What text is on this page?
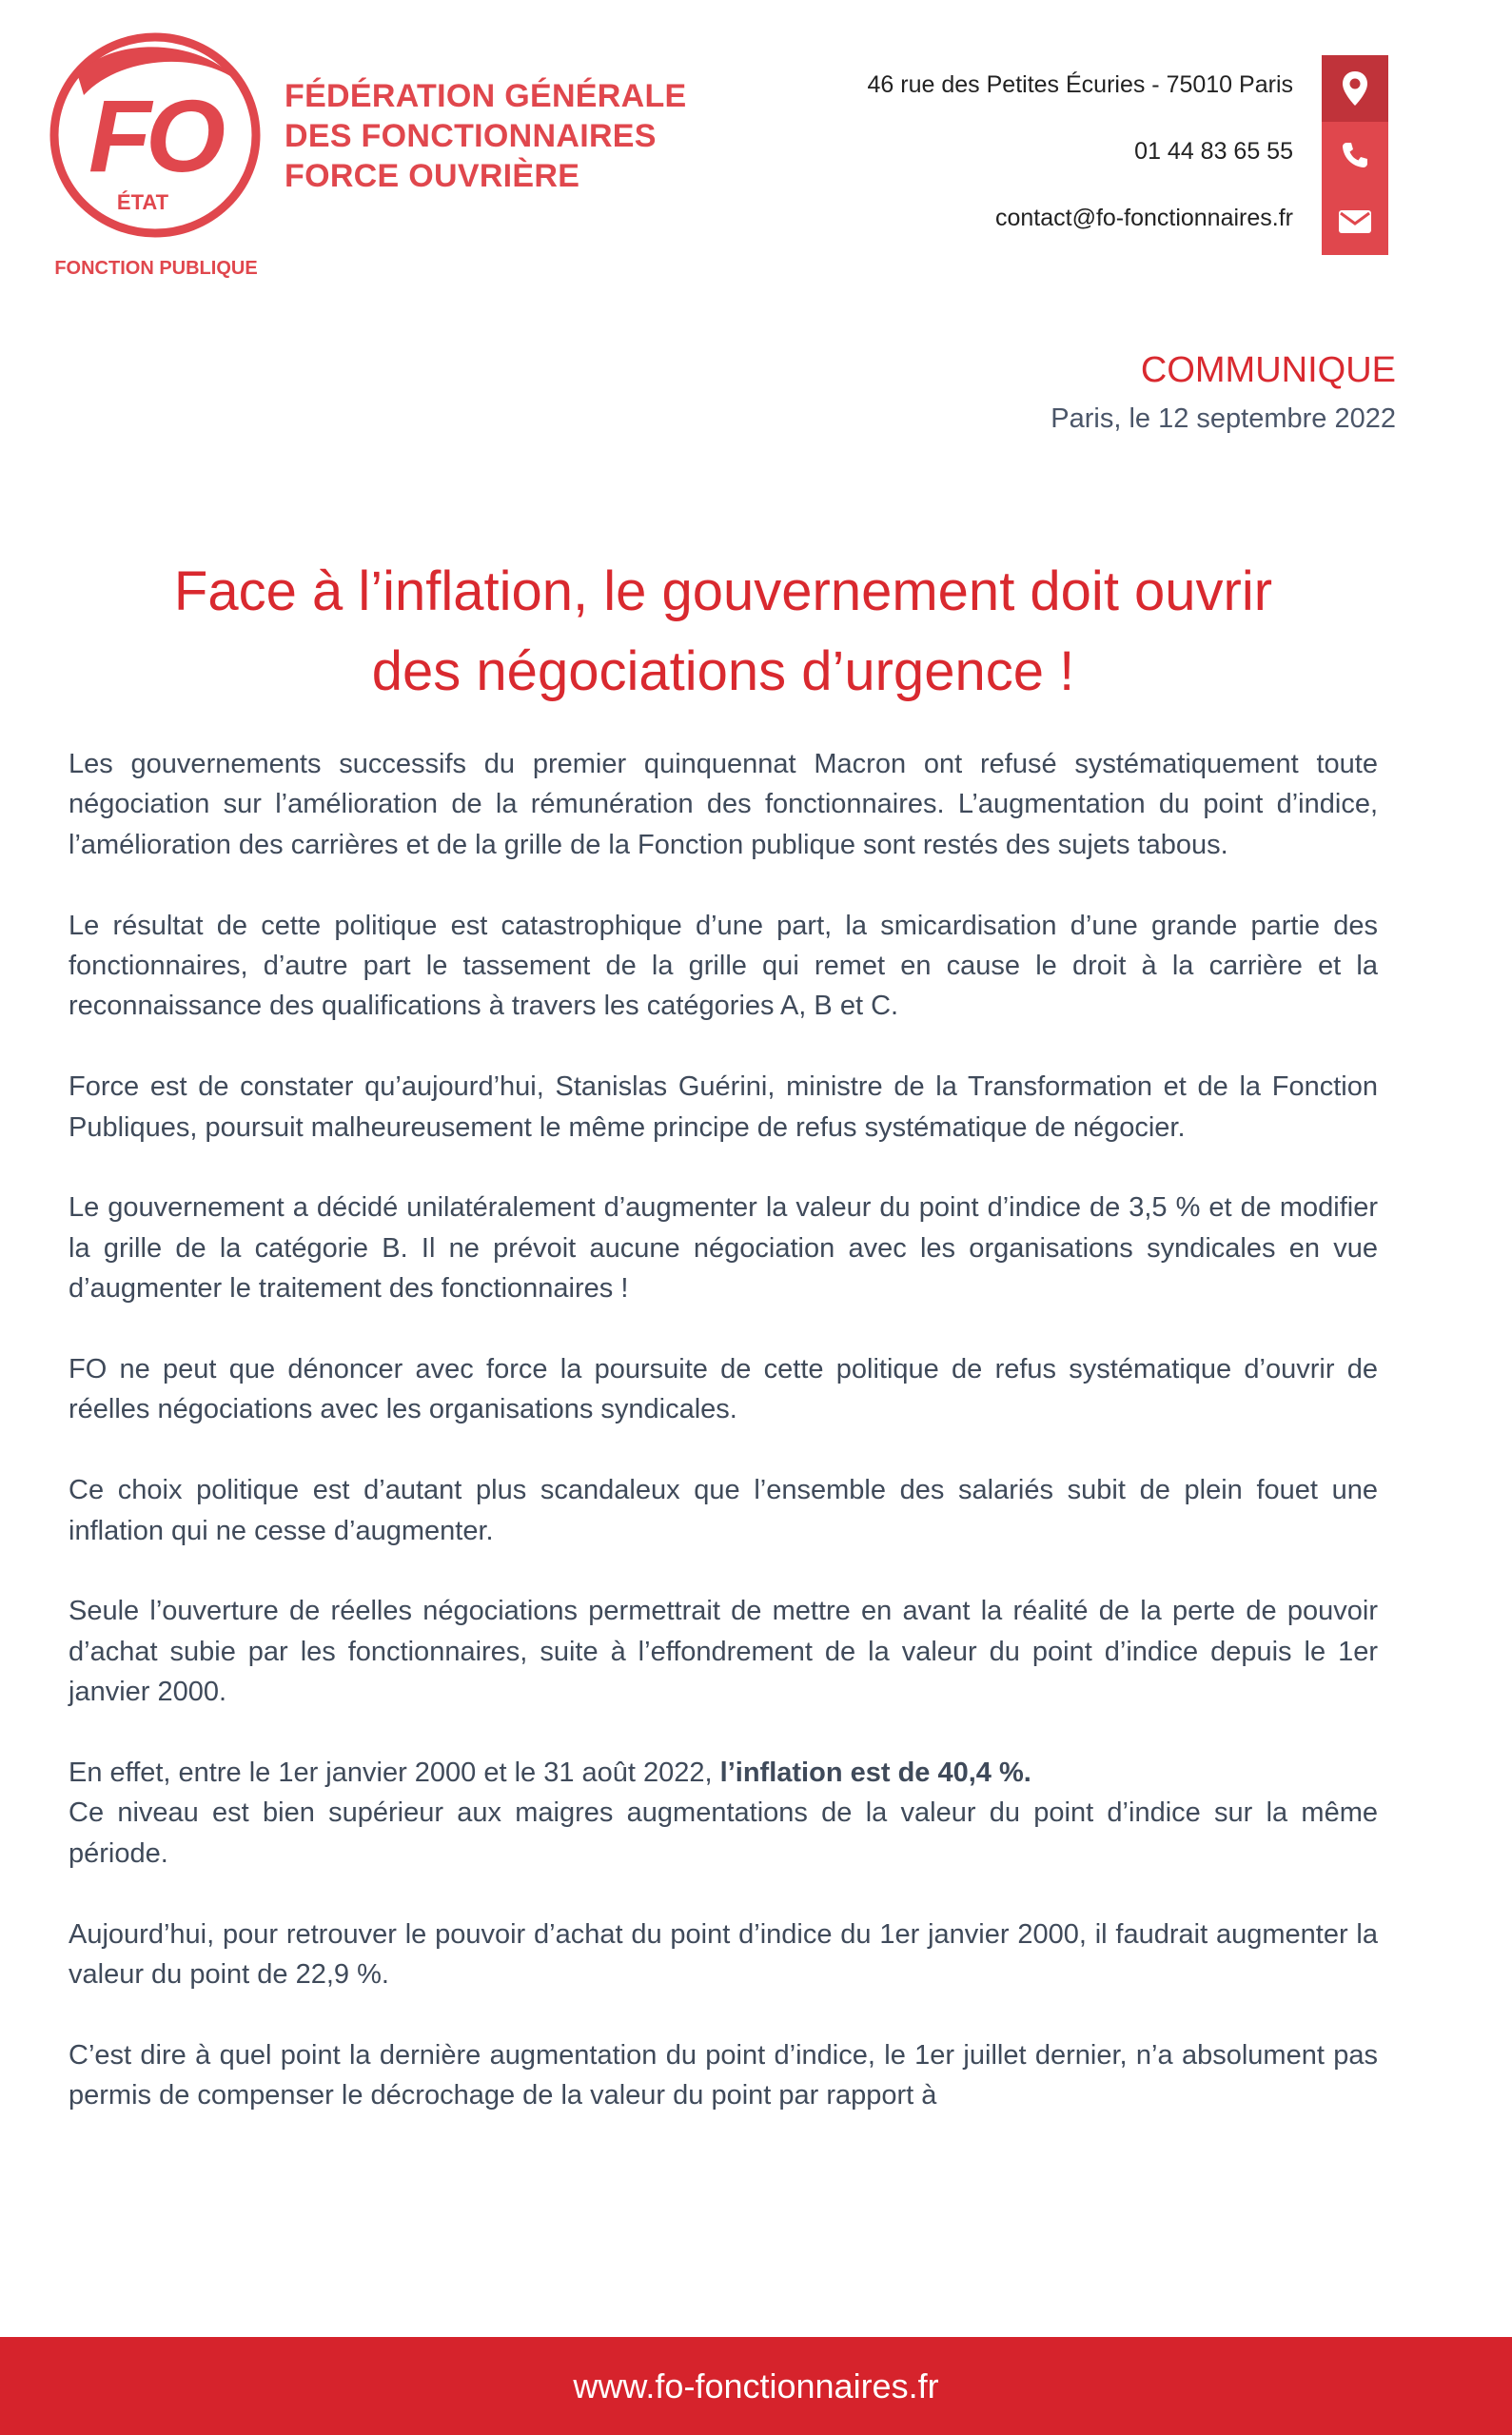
FO
ÉTAT
FONCTION PUBLIQUE
FÉDÉRATION GÉNÉRALE
DES FONCTIONNAIRES
FORCE OUVRIÈRE
46 rue des Petites Écuries - 75010 Paris
01 44 83 65 55
contact@fo-fonctionnaires.fr
COMMUNIQUE
Paris, le 12 septembre 2022
Face à l’inflation, le gouvernement doit ouvrir
des négociations d’urgence !

Les gouvernements successifs du premier quinquennat Macron ont refusé systématiquement toute négociation sur l’amélioration de la rémunération des fonctionnaires. L’augmentation du point d’indice, l’amélioration des carrières et de la grille de la Fonction publique sont restés des sujets tabous.

Le résultat de cette politique est catastrophique d’une part, la smicardisation d’une grande partie des fonctionnaires, d’autre part le tassement de la grille qui remet en cause le droit à la carrière et la reconnaissance des qualifications à travers les catégories A, B et C.

Force est de constater qu’aujourd’hui, Stanislas Guérini, ministre de la Transformation et de la Fonction Publiques, poursuit malheureusement le même principe de refus systématique de négocier.

Le gouvernement a décidé unilatéralement d’augmenter la valeur du point d’indice de 3,5 % et de modifier la grille de la catégorie B. Il ne prévoit aucune négociation avec les organisations syndicales en vue d’augmenter le traitement des fonctionnaires !

FO ne peut que dénoncer avec force la poursuite de cette politique de refus systématique d’ouvrir de réelles négociations avec les organisations syndicales.

Ce choix politique est d’autant plus scandaleux que l’ensemble des salariés subit de plein fouet une inflation qui ne cesse d’augmenter.

Seule l’ouverture de réelles négociations permettrait de mettre en avant la réalité de la perte de pouvoir d’achat subie par les fonctionnaires, suite à l’effondrement de la valeur du point d’indice depuis le 1er janvier 2000.

En effet, entre le 1er janvier 2000 et le 31 août 2022, l’inflation est de 40,4 %.
Ce niveau est bien supérieur aux maigres augmentations de la valeur du point d’indice sur la même période.

Aujourd’hui, pour retrouver le pouvoir d’achat du point d’indice du 1er janvier 2000, il faudrait augmenter la valeur du point de 22,9 %.

C’est dire à quel point la dernière augmentation du point d’indice, le 1er juillet dernier, n’a absolument pas permis de compenser le décrochage de la valeur du point par rapport à

www.fo-fonctionnaires.fr
